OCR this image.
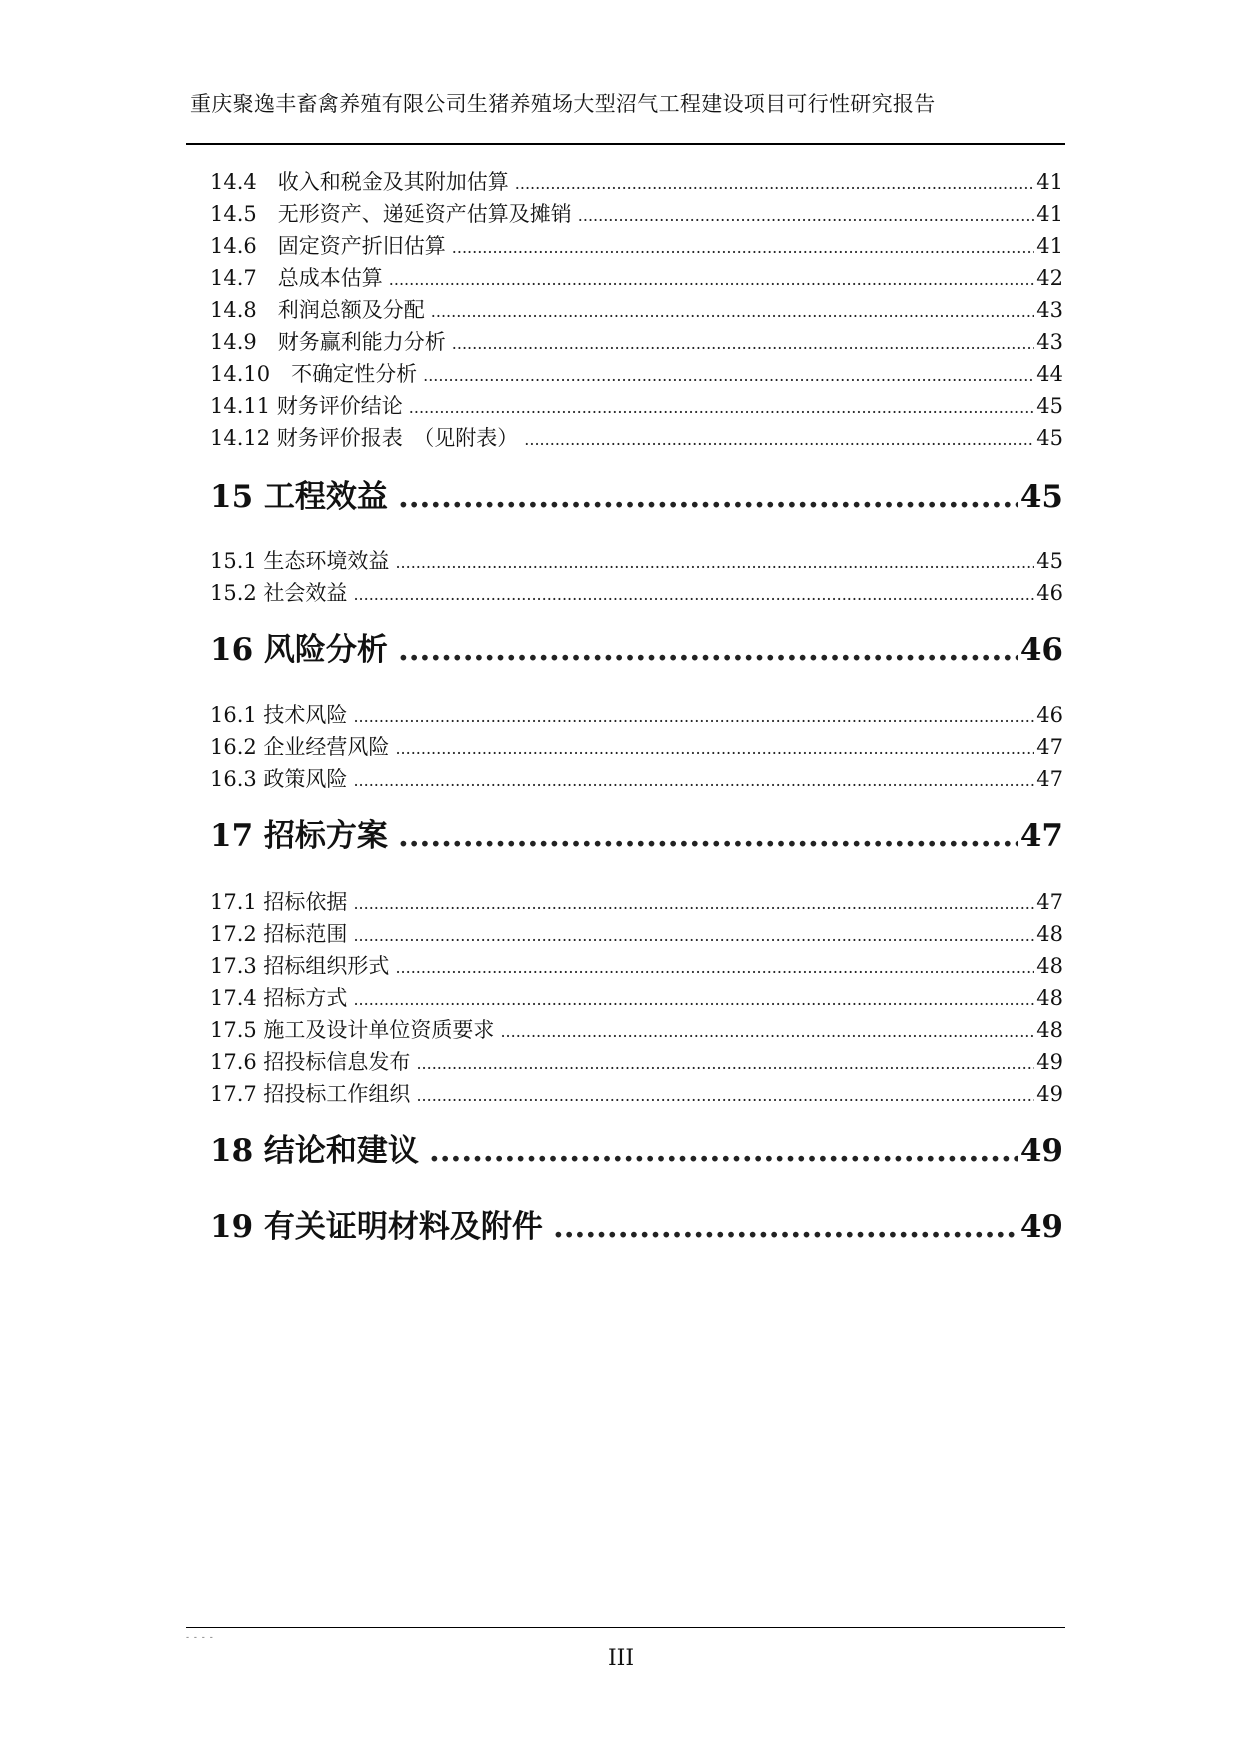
重庆聚逸丰畜禽养殖有限公司生猪养殖场大型沼气工程建设项目可行性研究报告
14.4　收入和税金及其附加估算 .....	41
14.5　无形资产、递延资产估算及摊销 .....	41
14.6　固定资产折旧估算 .....	41
14.7　总成本估算 .....	42
14.8　利润总额及分配 .....	43
14.9　财务赢利能力分析 .....	43
14.10　不确定性分析 .....	44
14.11 财务评价结论 .....	45
14.12 财务评价报表　（见附表） .....	45
15 工程效益 .....	45
15.1 生态环境效益 .....	45
15.2 社会效益 .....	46
16 风险分析 .....	46
16.1 技术风险 .....	46
16.2 企业经营风险 .....	47
16.3 政策风险 .....	47
17 招标方案 .....	47
17.1 招标依据 .....	47
17.2 招标范围 .....	48
17.3 招标组织形式 .....	48
17.4 招标方式 .....	48
17.5 施工及设计单位资质要求 .....	48
17.6 招投标信息发布 .....	49
17.7 招投标工作组织 .....	49
18 结论和建议 .....	49
19 有关证明材料及附件 .....	49
- - - -
III
